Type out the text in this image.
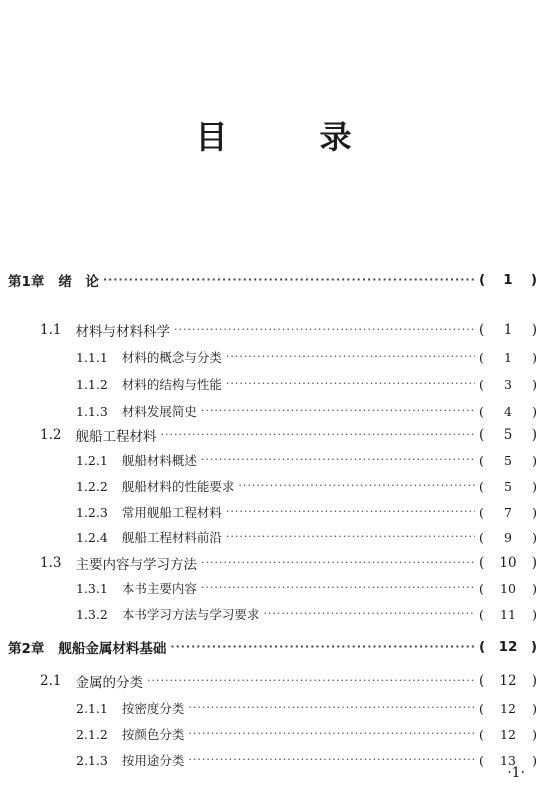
目　录
第1章 绪　论 ·····	( 1 )
1.1 材料与材料科学 ·····	( 1 )
1.1.1 材料的概念与分类 ·····	( 1 )
1.1.2 材料的结构与性能 ·····	( 3 )
1.1.3 材料发展简史 ·····	( 4 )
1.2 舰船工程材料 ·····	( 5 )
1.2.1 舰船材料概述 ·····	( 5 )
1.2.2 舰船材料的性能要求 ·····	( 5 )
1.2.3 常用舰船工程材料 ·····	( 7 )
1.2.4 舰船工程材料前沿 ·····	( 9 )
1.3 主要内容与学习方法 ·····	( 10 )
1.3.1 本书主要内容 ·····	( 10 )
1.3.2 本书学习方法与学习要求 ·····	( 11 )
第2章 舰船金属材料基础 ·····	( 12 )
2.1 金属的分类 ·····	( 12 )
2.1.1 按密度分类 ·····	( 12 )
2.1.2 按颜色分类 ·····	( 12 )
2.1.3 按用途分类 ·····	( 13 )
·1·
